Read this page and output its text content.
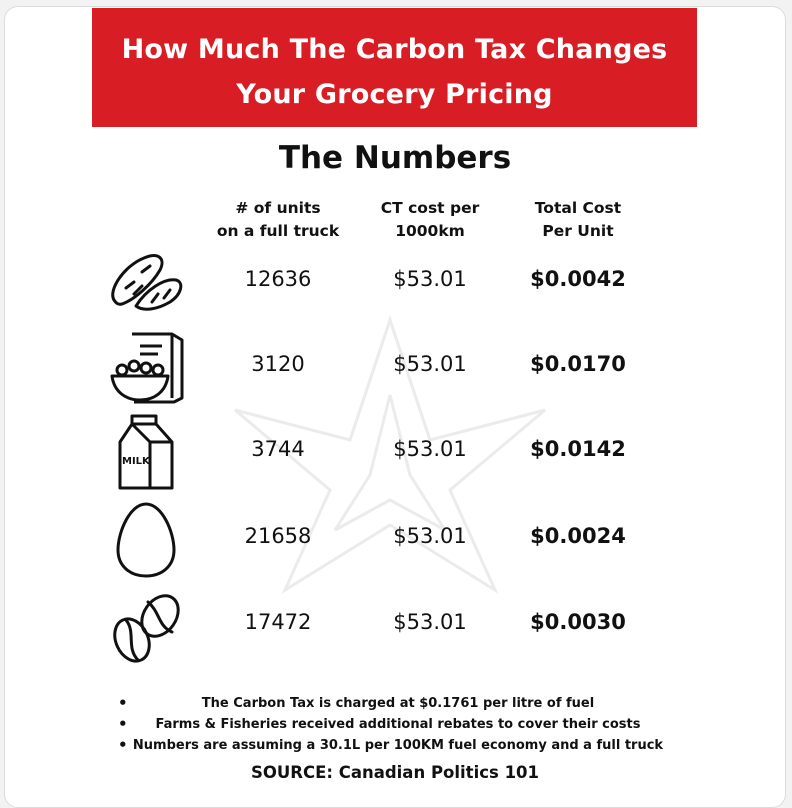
How Much The Carbon Tax Changes
Your Grocery Pricing
The Numbers
# of units
on a full truck
CT cost per
1000km
Total Cost
Per Unit
12636	$53.01	$0.0042
3120	$53.01	$0.0170
MILK
3744	$53.01	$0.0142
21658	$53.01	$0.0024
17472	$53.01	$0.0030
•	The Carbon Tax is charged at $0.1761 per litre of fuel
• Farms & Fisheries received additional rebates to cover their costs
• Numbers are assuming a 30.1L per 100KM fuel economy and a full truck
SOURCE: Canadian Politics 101
